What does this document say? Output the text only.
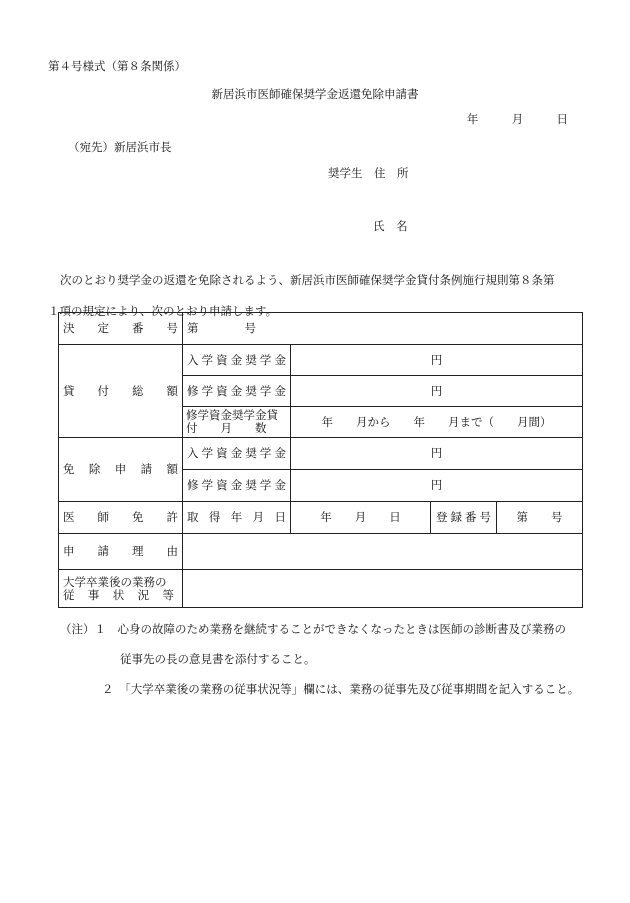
第４号様式（第８条関係）
新居浜市医師確保奨学金返還免除申請書
年	月	日
（宛先）新居浜市長
奨学生　住　所
氏　名

次のとおり奨学金の返還を免除されるよう、新居浜市医師確保奨学金貸付条例施行規則第８条第

１項の規定により、次のとおり申請します。

決定番号	第　　　　号			
貸付総額	入学資金奨学金	円		
	修学資金奨学金	円		

	修学資金奨学金貸
付　　月　　数	年　　月から　　年　　月まで（　　月間）		
免除申請額	入学資金奨学金	円		
	修学資金奨学金	円		
医師免許	取得年月日	年　　月　　日	登録番号	第　　号
申請理由				

大学卒業後の業務の
従事状況等				

（注）１　心身の故障のため業務を継続することができなくなったときは医師の診断書及び業務の

従事先の長の意見書を添付すること。

２　「大学卒業後の業務の従事状況等」欄には、業務の従事先及び従事期間を記入すること。
